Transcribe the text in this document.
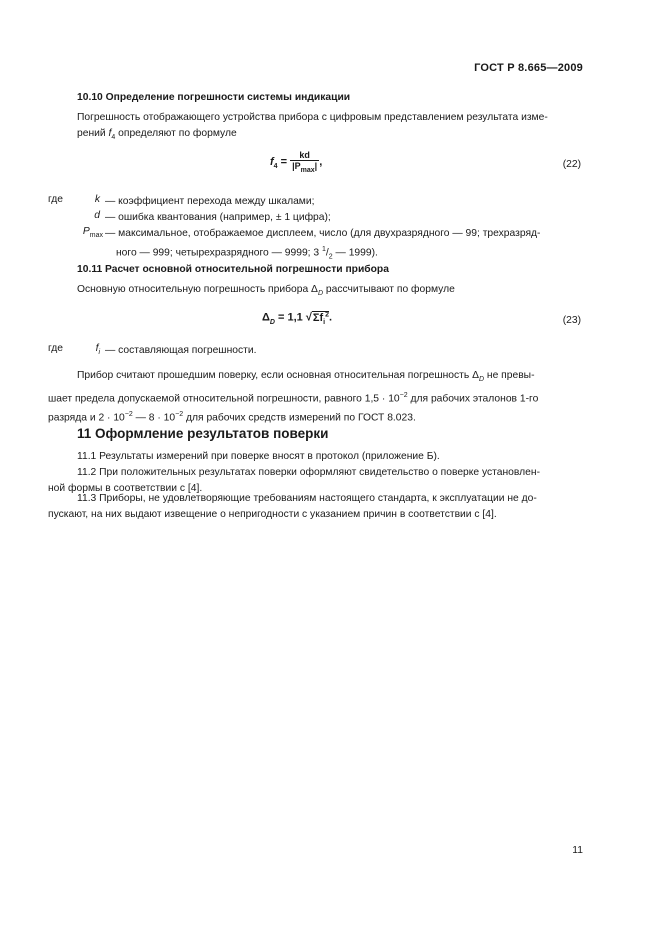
ГОСТ Р 8.665—2009
10.10 Определение погрешности системы индикации
Погрешность отображающего устройства прибора с цифровым представлением результата изме-
рений $f_4$ определяют по формуле
$f_4 = \frac{kd}{|P_{max}|}$ ,	(22)
где	k — коэффициент перехода между шкалами;
d — ошибка квантования (например, ± 1 цифра);
$P_{max}$ — максимальное, отображаемое дисплеем, число (для двухразрядного — 99; трехразряд-
ного — 999; четырехразрядного — 9999; 3 $^1/_2$ — 1999).
10.11 Расчет основной относительной погрешности прибора
Основную относительную погрешность прибора $\Delta_D$ рассчитывают по формуле
$\Delta_D = 1,1$ $√\Sigma f_i^2$.	(23)
где	$f_i$ — составляющая погрешности.
Прибор считают прошедшим поверку, если основная относительная погрешность $\Delta_D$ не превы-
шает предела допускаемой относительной погрешности, равного $1,5 \cdot 10^{-2}$ для рабочих эталонов 1-го
разряда и $2 \cdot 10^{-2}$ — $8 \cdot 10^{-2}$ для рабочих средств измерений по ГОСТ 8.023.
11 Оформление результатов поверки
11.1 Результаты измерений при поверке вносят в протокол (приложение Б).
11.2 При положительных результатах поверки оформляют свидетельство о поверке установлен-
ной формы в соответствии с [4].
11.3 Приборы, не удовлетворяющие требованиям настоящего стандарта, к эксплуатации не до-
пускают, на них выдают извещение о непригодности с указанием причин в соответствии с [4].
11
